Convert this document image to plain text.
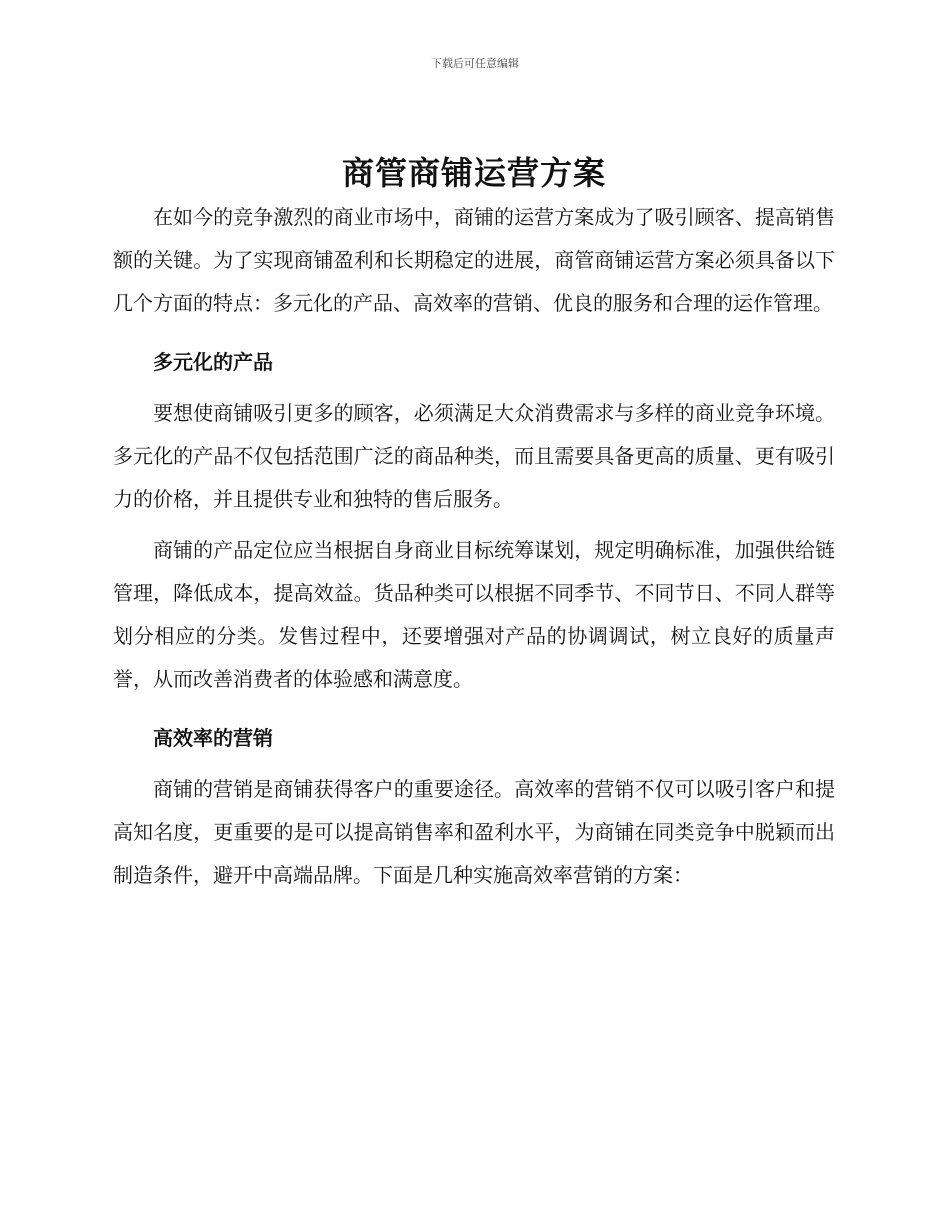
下载后可任意编辑
商管商铺运营方案

在如今的竞争激烈的商业市场中，商铺的运营方案成为了吸引顾客、提高销售额的关键。为了实现商铺盈利和长期稳定的进展，商管商铺运营方案必须具备以下几个方面的特点：多元化的产品、高效率的营销、优良的服务和合理的运作管理。

多元化的产品

要想使商铺吸引更多的顾客，必须满足大众消费需求与多样的商业竞争环境。多元化的产品不仅包括范围广泛的商品种类，而且需要具备更高的质量、更有吸引力的价格，并且提供专业和独特的售后服务。

商铺的产品定位应当根据自身商业目标统筹谋划，规定明确标准，加强供给链管理，降低成本，提高效益。货品种类可以根据不同季节、不同节日、不同人群等划分相应的分类。发售过程中，还要增强对产品的协调调试，树立良好的质量声誉，从而改善消费者的体验感和满意度。

高效率的营销

商铺的营销是商铺获得客户的重要途径。高效率的营销不仅可以吸引客户和提高知名度，更重要的是可以提高销售率和盈利水平，为商铺在同类竞争中脱颖而出制造条件，避开中高端品牌。下面是几种实施高效率营销的方案：
